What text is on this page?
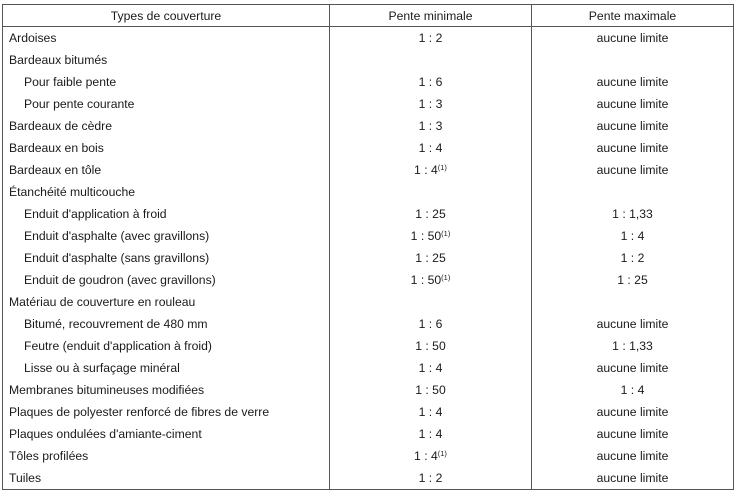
Types de couverture	Pente minimale	Pente maximale
Ardoises	1 : 2	aucune limite
Bardeaux bitumés		
Pour faible pente	1 : 6	aucune limite
Pour pente courante	1 : 3	aucune limite
Bardeaux de cèdre	1 : 3	aucune limite
Bardeaux en bois	1 : 4	aucune limite
Bardeaux en tôle	1 : 4$^{(1)}$	aucune limite
Étanchéité multicouche		
Enduit d'application à froid	1 : 25	1 : 1,33
Enduit d'asphalte (avec gravillons)	1 : 50$^{(1)}$	1 : 4
Enduit d'asphalte (sans gravillons)	1 : 25	1 : 2
Enduit de goudron (avec gravillons)	1 : 50$^{(1)}$	1 : 25
Matériau de couverture en rouleau		
Bitumé, recouvrement de 480 mm	1 : 6	aucune limite
Feutre (enduit d'application à froid)	1 : 50	1 : 1,33
Lisse ou à surfaçage minéral	1 : 4	aucune limite
Membranes bitumineuses modifiées	1 : 50	1 : 4
Plaques de polyester renforcé de fibres de verre	1 : 4	aucune limite
Plaques ondulées d'amiante-ciment	1 : 4	aucune limite
Tôles profilées	1 : 4$^{(1)}$	aucune limite
Tuiles	1 : 2	aucune limite
